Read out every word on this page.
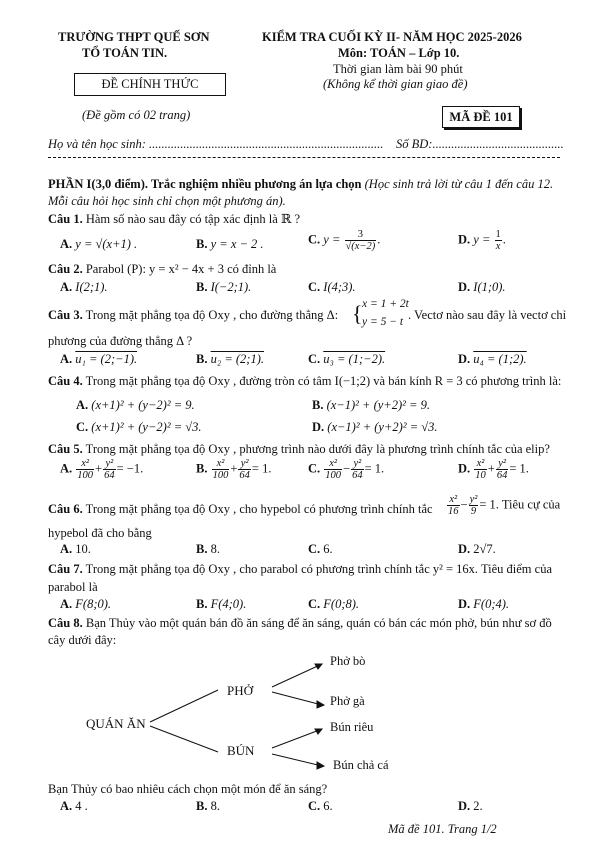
TRƯỜNG THPT QUẾ SƠN
TỔ TOÁN TIN.
ĐỀ CHÍNH THỨC
(Đề gồm có 02 trang)
KIỂM TRA CUỐI KỲ II- NĂM HỌC 2025-2026
Môn: TOÁN – Lớp 10.
Thời gian làm bài 90 phút
(Không kể thời gian giao đề)
MÃ ĐỀ 101
Họ và tên học sinh: ........................................................................... Số BD:..........................................
PHẦN I(3,0 điểm). Trắc nghiệm nhiều phương án lựa chọn (Học sinh trả lời từ câu 1 đến câu 12.
Mỗi câu hỏi học sinh chỉ chọn một phương án).
Câu 1. Hàm số nào sau đây có tập xác định là ℝ ?
A. y = √(x+1) .	B. y = x − 2 .	C. $y = \frac{3}{√(x-2)}$ .	D. $y = \frac{1}{x}$ .
Câu 2. Parabol (P): y = x² − 4x + 3 có đỉnh là
A. I(2;1).	B. I(−2;1).	C. I(4;3).	D. I(1;0).
Câu 3. Trong mặt phẳng tọa độ Oxy , cho đường thẳng Δ: { x = 1 + 2t
y = 5 − t . Vectơ nào sau đây là vectơ chỉ
phương của đường thẳng Δ ?
A. u₁ = (2;−1).	B. u₂ = (2;1).	C. u₃ = (1;−2).	D. u₄ = (1;2).
Câu 4. Trong mặt phẳng tọa độ Oxy , đường tròn có tâm I(−1;2) và bán kính R = 3 có phương trình là:
A. (x+1)² + (y−2)² = 9.	B. (x−1)² + (y+2)² = 9.
C. (x+1)² + (y−2)² = √3.	D. (x−1)² + (y+2)² = √3.
Câu 5. Trong mặt phẳng tọa độ Oxy , phương trình nào dưới đây là phương trình chính tắc của elip?
A. $\frac{\text{x²}}{100} + \frac{\text{y²}}{64} = -1$.	B. $\frac{\text{x²}}{100} + \frac{\text{y²}}{64} = 1$.	C. $\frac{\text{x²}}{100} - \frac{\text{y²}}{64} = 1$.	D. $\frac{\text{x²}}{10} + \frac{\text{y²}}{64} = 1$.
Câu 6. Trong mặt phẳng tọa độ Oxy , cho hypebol có phương trình chính tắc $\frac{\text{x²}}{16} - \frac{\text{y²}}{9} = 1$. Tiêu cự của
hypebol đã cho bằng
A. 10.	B. 8.	C. 6.	D. 2√7.
Câu 7. Trong mặt phẳng tọa độ Oxy , cho parabol có phương trình chính tắc y² = 16x. Tiêu điểm của
parabol là
A. F(8;0).	B. F(4;0).	C. F(0;8).	D. F(0;4).
Câu 8. Bạn Thủy vào một quán bán đồ ăn sáng để ăn sáng, quán có bán các món phở, bún như sơ đồ
cây dưới đây:
QUÁN ĂN
PHỞ
BÚN
Phở bò
Phở gà
Bún riêu
Bún chả cá
Bạn Thủy có bao nhiêu cách chọn một món để ăn sáng?
A. 4 .	B. 8.	C. 6.	D. 2.
Mã đề 101. Trang 1/2
